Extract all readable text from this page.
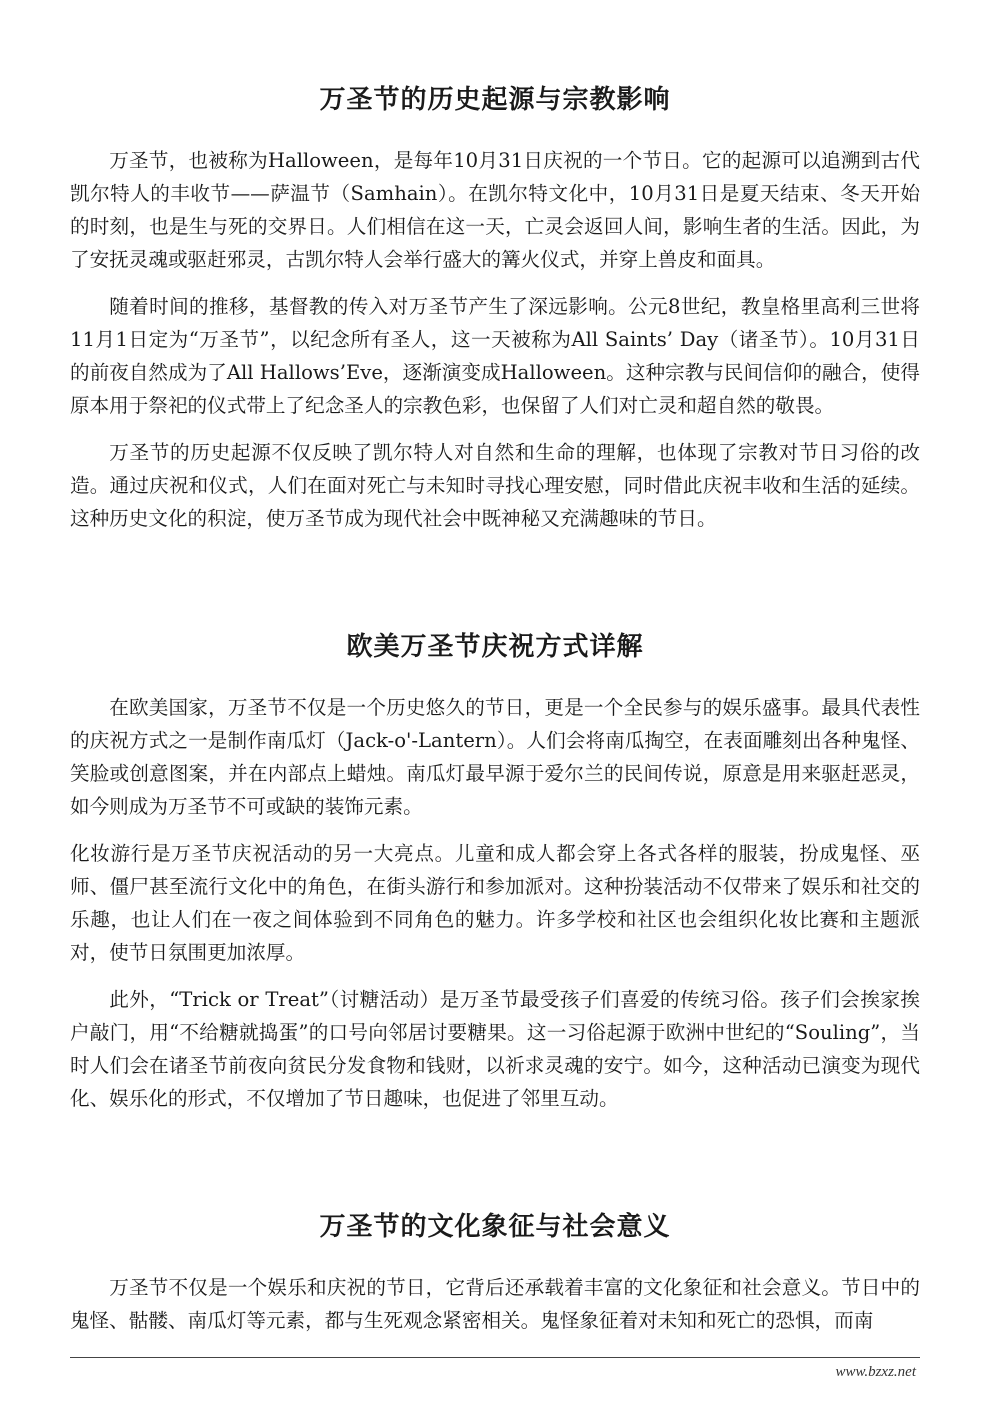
万圣节的历史起源与宗教影响

万圣节，也被称为Halloween，是每年10月31日庆祝的一个节日。它的起源可以追溯到古代凯尔特人的丰收节——萨温节（Samhain）。在凯尔特文化中，10月31日是夏天结束、冬天开始的时刻，也是生与死的交界日。人们相信在这一天，亡灵会返回人间，影响生者的生活。因此，为了安抚灵魂或驱赶邪灵，古凯尔特人会举行盛大的篝火仪式，并穿上兽皮和面具。

随着时间的推移，基督教的传入对万圣节产生了深远影响。公元8世纪，教皇格里高利三世将11月1日定为“万圣节”，以纪念所有圣人，这一天被称为All Saints’ Day（诸圣节）。10月31日的前夜自然成为了All Hallows’Eve，逐渐演变成Halloween。这种宗教与民间信仰的融合，使得原本用于祭祀的仪式带上了纪念圣人的宗教色彩，也保留了人们对亡灵和超自然的敬畏。

万圣节的历史起源不仅反映了凯尔特人对自然和生命的理解，也体现了宗教对节日习俗的改造。通过庆祝和仪式，人们在面对死亡与未知时寻找心理安慰，同时借此庆祝丰收和生活的延续。这种历史文化的积淀，使万圣节成为现代社会中既神秘又充满趣味的节日。

欧美万圣节庆祝方式详解

在欧美国家，万圣节不仅是一个历史悠久的节日，更是一个全民参与的娱乐盛事。最具代表性的庆祝方式之一是制作南瓜灯（Jack-o'-Lantern）。人们会将南瓜掏空，在表面雕刻出各种鬼怪、笑脸或创意图案，并在内部点上蜡烛。南瓜灯最早源于爱尔兰的民间传说，原意是用来驱赶恶灵，如今则成为万圣节不可或缺的装饰元素。

化妆游行是万圣节庆祝活动的另一大亮点。儿童和成人都会穿上各式各样的服装，扮成鬼怪、巫师、僵尸甚至流行文化中的角色，在街头游行和参加派对。这种扮装活动不仅带来了娱乐和社交的乐趣，也让人们在一夜之间体验到不同角色的魅力。许多学校和社区也会组织化妆比赛和主题派对，使节日氛围更加浓厚。

此外，“Trick or Treat”（讨糖活动）是万圣节最受孩子们喜爱的传统习俗。孩子们会挨家挨户敲门，用“不给糖就捣蛋”的口号向邻居讨要糖果。这一习俗起源于欧洲中世纪的“Souling”，当时人们会在诸圣节前夜向贫民分发食物和钱财，以祈求灵魂的安宁。如今，这种活动已演变为现代化、娱乐化的形式，不仅增加了节日趣味，也促进了邻里互动。

万圣节的文化象征与社会意义

万圣节不仅是一个娱乐和庆祝的节日，它背后还承载着丰富的文化象征和社会意义。节日中的鬼怪、骷髅、南瓜灯等元素，都与生死观念紧密相关。鬼怪象征着对未知和死亡的恐惧，而南

www.bzxz.net
